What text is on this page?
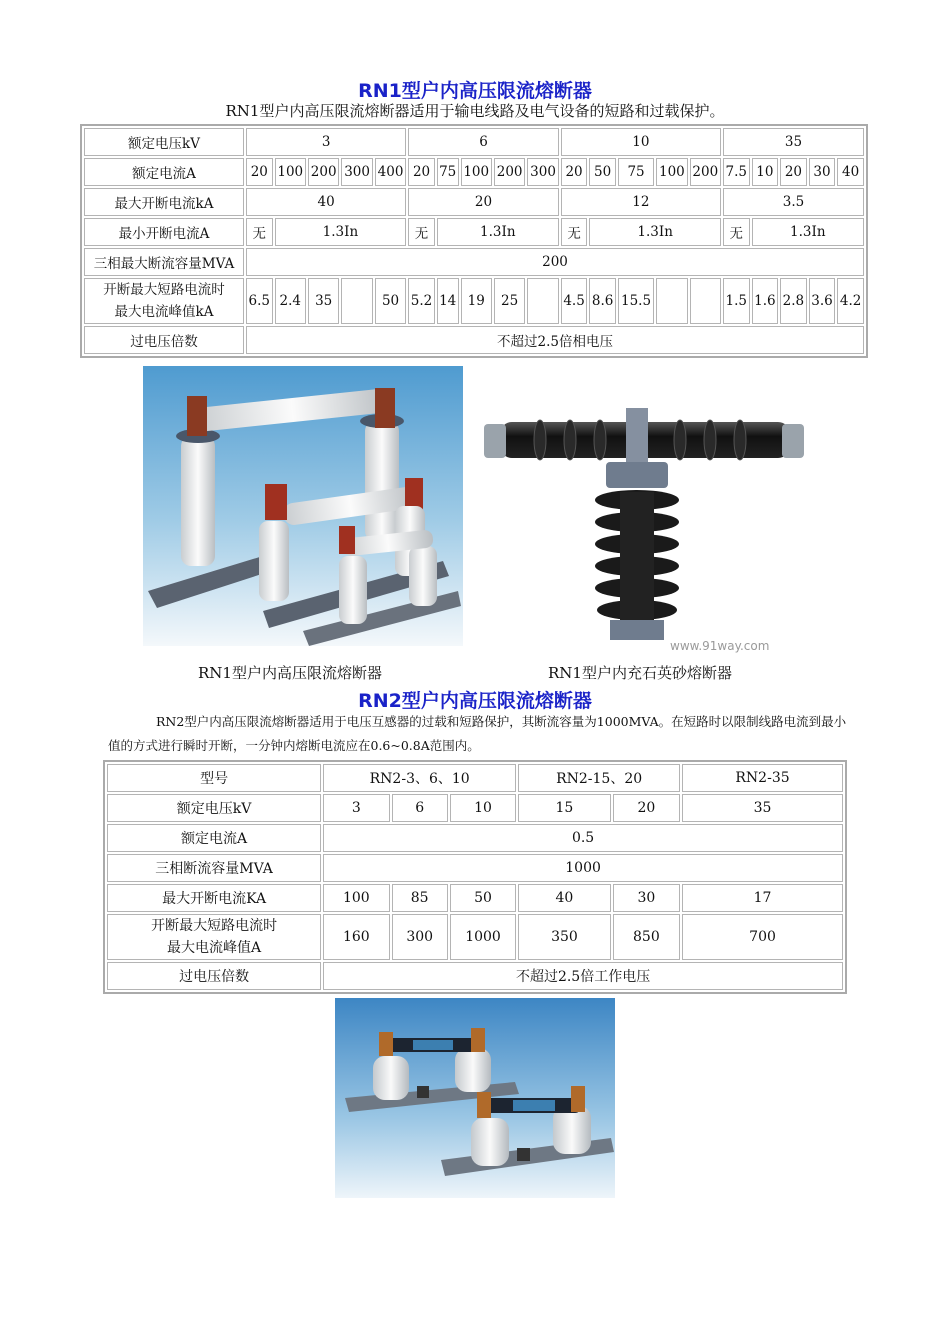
RN1型户内高压限流熔断器
RN1型户内高压限流熔断器适用于输电线路及电气设备的短路和过载保护。
额定电压kV	3					6					10					35				
额定电流A	20	100	200	300	400	20	75	100	200	300	20	50	75	100	200	7.5	10	20	30	40
最大开断电流kA	40					20					12					3.5				
最小开断电流A	无	1.3In				无	1.3In				无	1.3In				无	1.3In			
三相最大断流容量MVA	200																			
开断最大短路电流时
最大电流峰值kA	6.5	2.4	35		50	5.2	14	19	25		4.5	8.6	15.5			1.5	1.6	2.8	3.6	4.2
过电压倍数	不超过2.5倍相电压																			
www.91way.com
RN1型户内高压限流熔断器	RN1型户内充石英砂熔断器
RN2型户内高压限流熔断器
RN2型户内高压限流熔断器适用于电压互感器的过载和短路保护，其断流容量为1000MVA。在短路时以限制线路电流到最小值的方式进行瞬时开断，一分钟内熔断电流应在0.6~0.8A范围内。
型号	RN2-3、6、10			RN2-15、20		RN2-35
额定电压kV	3	6	10	15	20	35
额定电流A	0.5					
三相断流容量MVA	1000					
最大开断电流KA	100	85	50	40	30	17
开断最大短路电流时
最大电流峰值A	160	300	1000	350	850	700
过电压倍数	不超过2.5倍工作电压					
